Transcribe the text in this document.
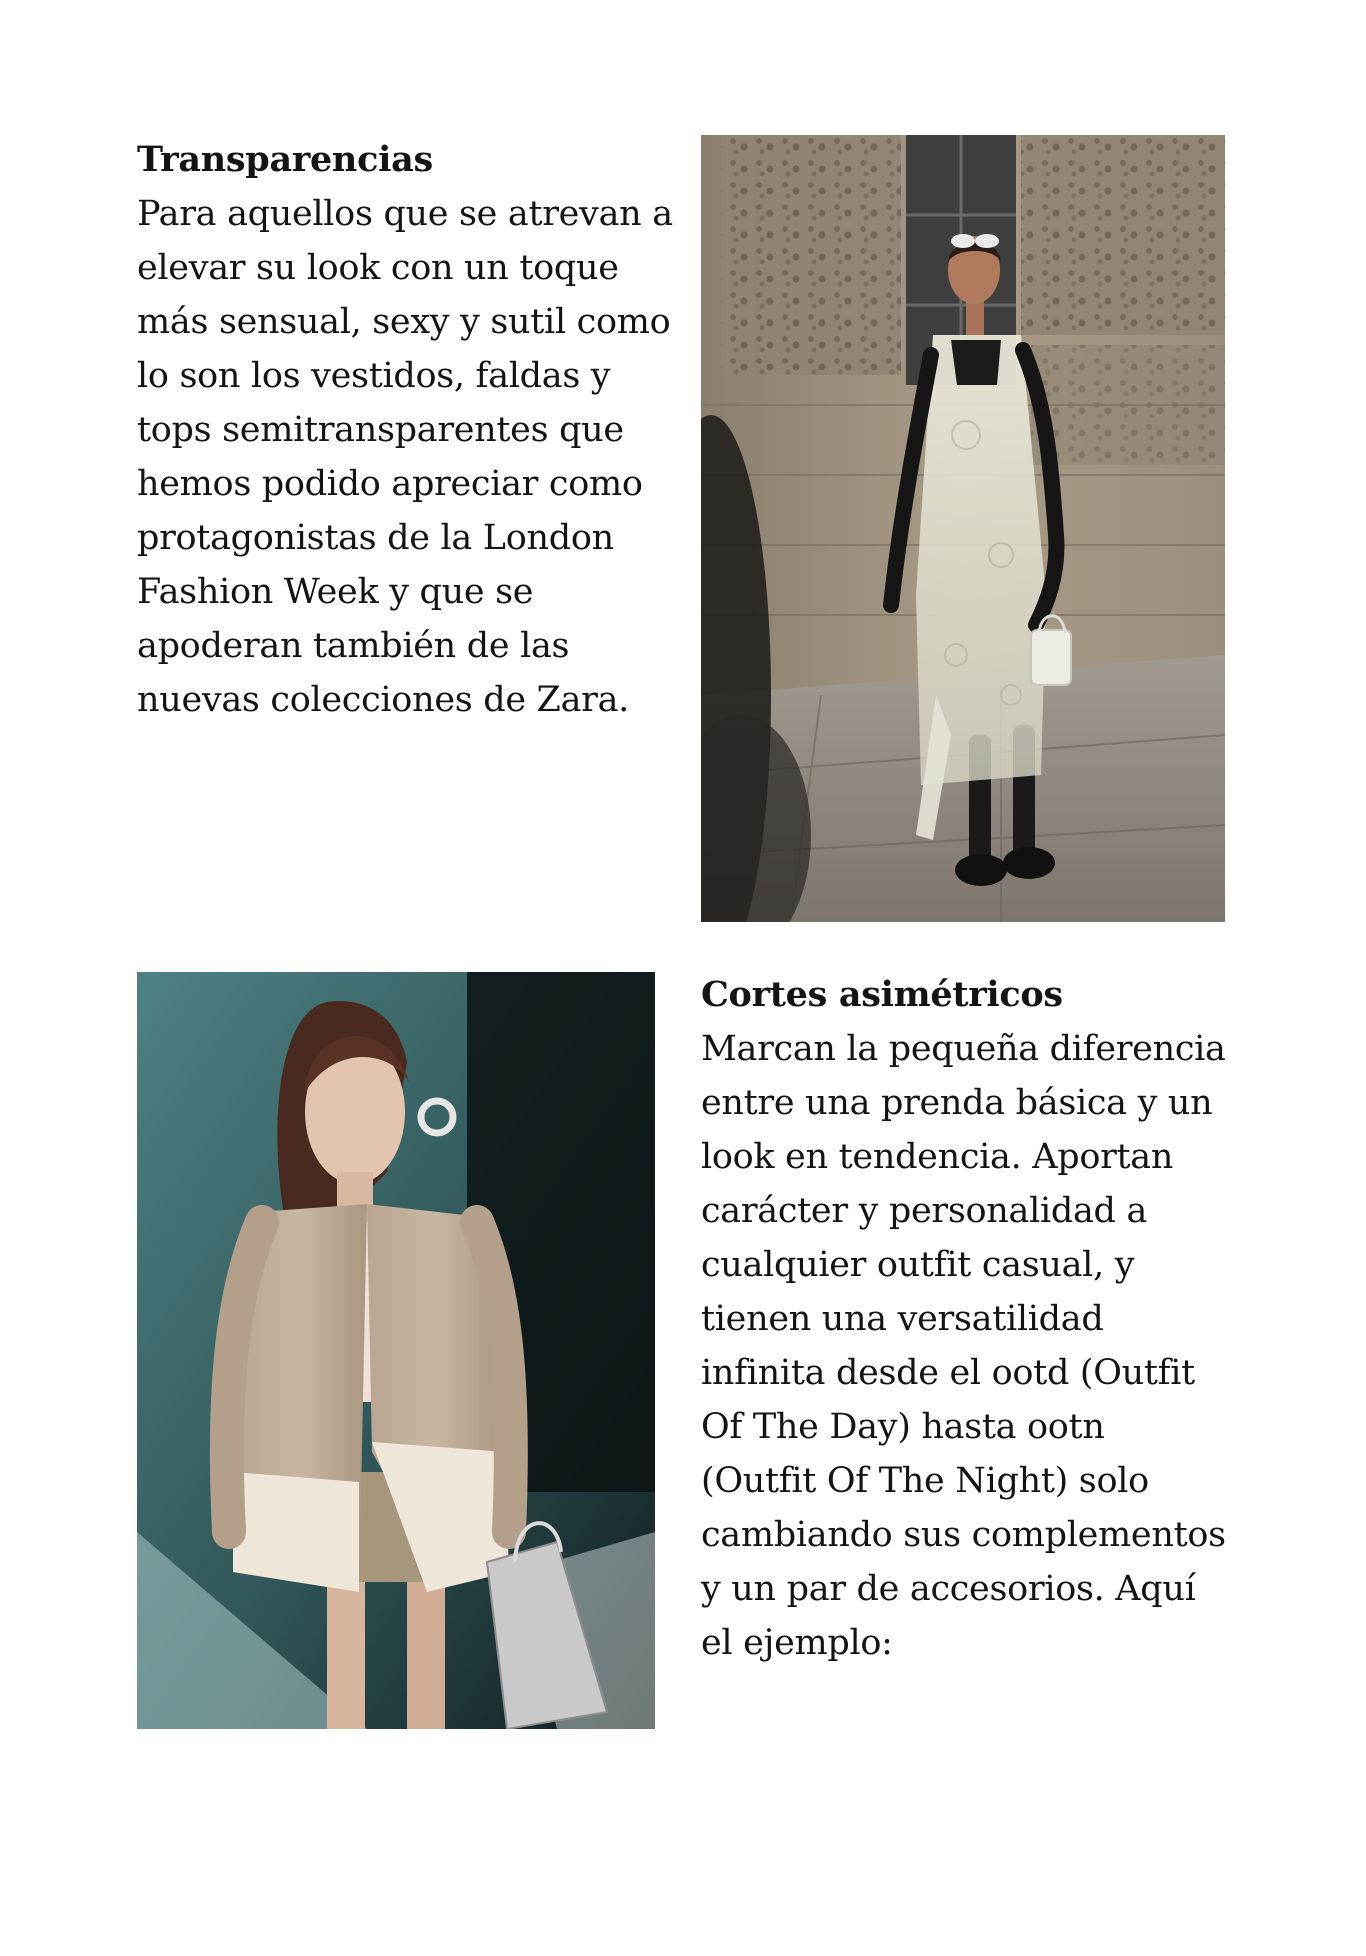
Transparencias
Para aquellos que se atrevan a elevar su look con un toque más sensual, sexy y sutil como lo son los vestidos, faldas y tops semitransparentes que hemos podido apreciar como protagonistas de la London Fashion Week y que se apoderan también de las nuevas colecciones de Zara.
Cortes asimétricos
Marcan la pequeña diferencia entre una prenda básica y un look en tendencia. Aportan carácter y personalidad a cualquier outfit casual, y tienen una versatilidad infinita desde el ootd (Outfit Of The Day) hasta ootn (Outfit Of The Night) solo cambiando sus complementos y un par de accesorios. Aquí el ejemplo:
